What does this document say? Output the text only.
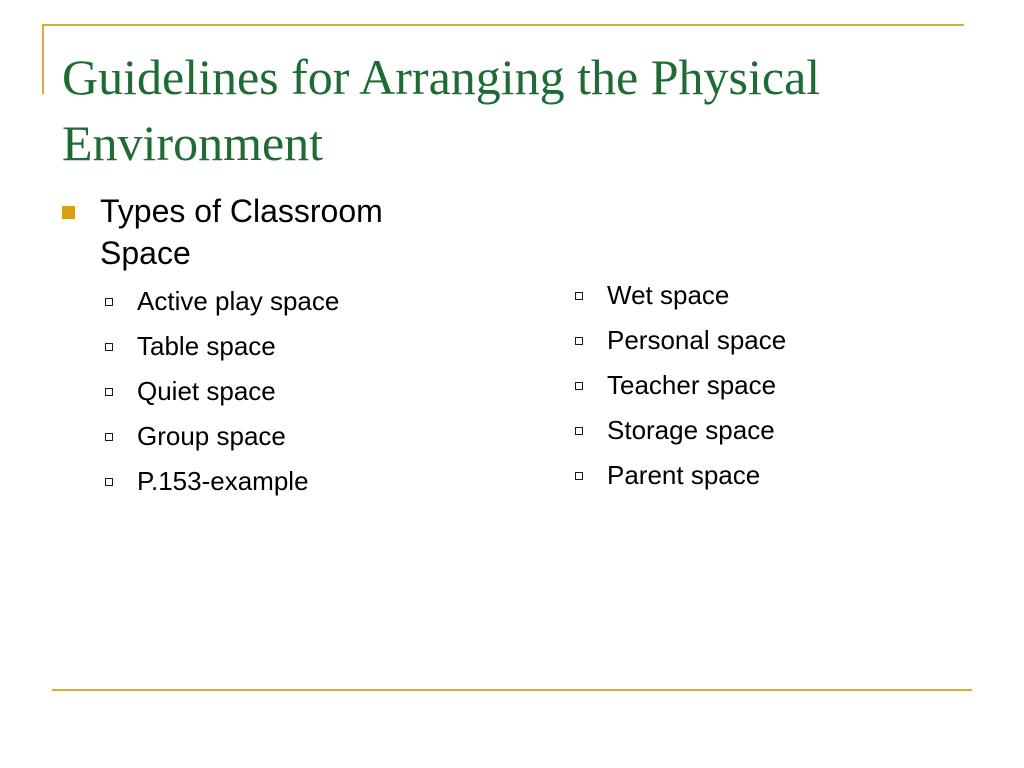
Guidelines for Arranging the Physical Environment
Types of Classroom Space
Active play space
Table space
Quiet space
Group space
P.153-example
Wet space
Personal space
Teacher space
Storage space
Parent space
